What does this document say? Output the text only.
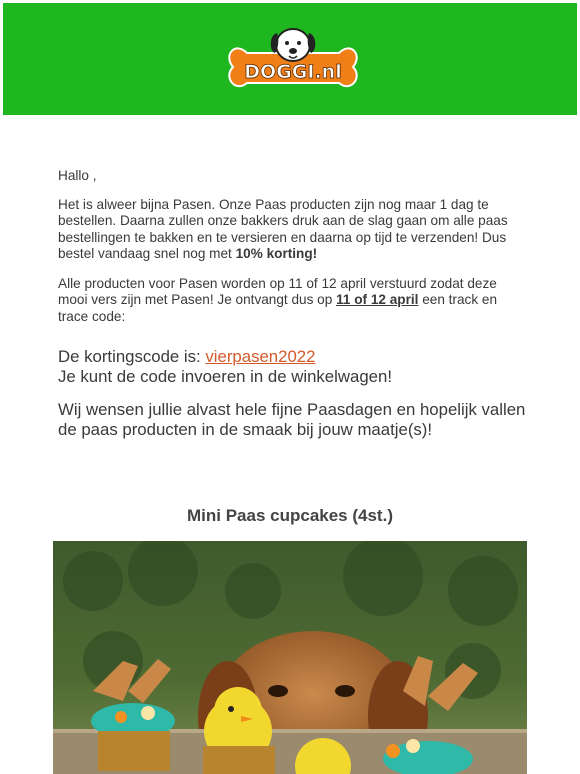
DOGGI.nl

Hallo ,

Het is alweer bijna Pasen. Onze Paas producten zijn nog maar 1 dag te bestellen. Daarna zullen onze bakkers druk aan de slag gaan om alle paas bestellingen te bakken en te versieren en daarna op tijd te verzenden! Dus bestel vandaag snel nog met 10% korting!

Alle producten voor Pasen worden op 11 of 12 april verstuurd zodat deze mooi vers zijn met Pasen! Je ontvangt dus op 11 of 12 april een track en trace code:

De kortingscode is: vierpasen2022
Je kunt de code invoeren in de winkelwagen!

Wij wensen jullie alvast hele fijne Paasdagen en hopelijk vallen de paas producten in de smaak bij jouw maatje(s)!

Mini Paas cupcakes (4st.)
